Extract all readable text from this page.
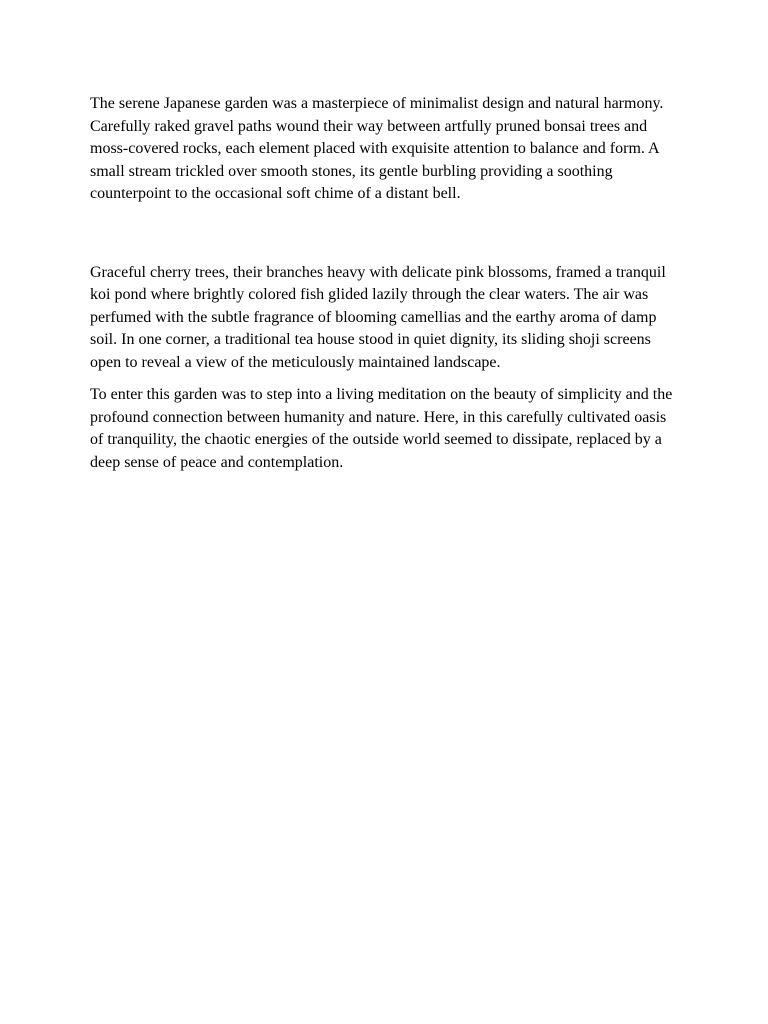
The serene Japanese garden was a masterpiece of minimalist design and natural harmony. Carefully raked gravel paths wound their way between artfully pruned bonsai trees and moss-covered rocks, each element placed with exquisite attention to balance and form. A small stream trickled over smooth stones, its gentle burbling providing a soothing counterpoint to the occasional soft chime of a distant bell.

Graceful cherry trees, their branches heavy with delicate pink blossoms, framed a tranquil koi pond where brightly colored fish glided lazily through the clear waters. The air was perfumed with the subtle fragrance of blooming camellias and the earthy aroma of damp soil. In one corner, a traditional tea house stood in quiet dignity, its sliding shoji screens open to reveal a view of the meticulously maintained landscape.

To enter this garden was to step into a living meditation on the beauty of simplicity and the profound connection between humanity and nature. Here, in this carefully cultivated oasis of tranquility, the chaotic energies of the outside world seemed to dissipate, replaced by a deep sense of peace and contemplation.
